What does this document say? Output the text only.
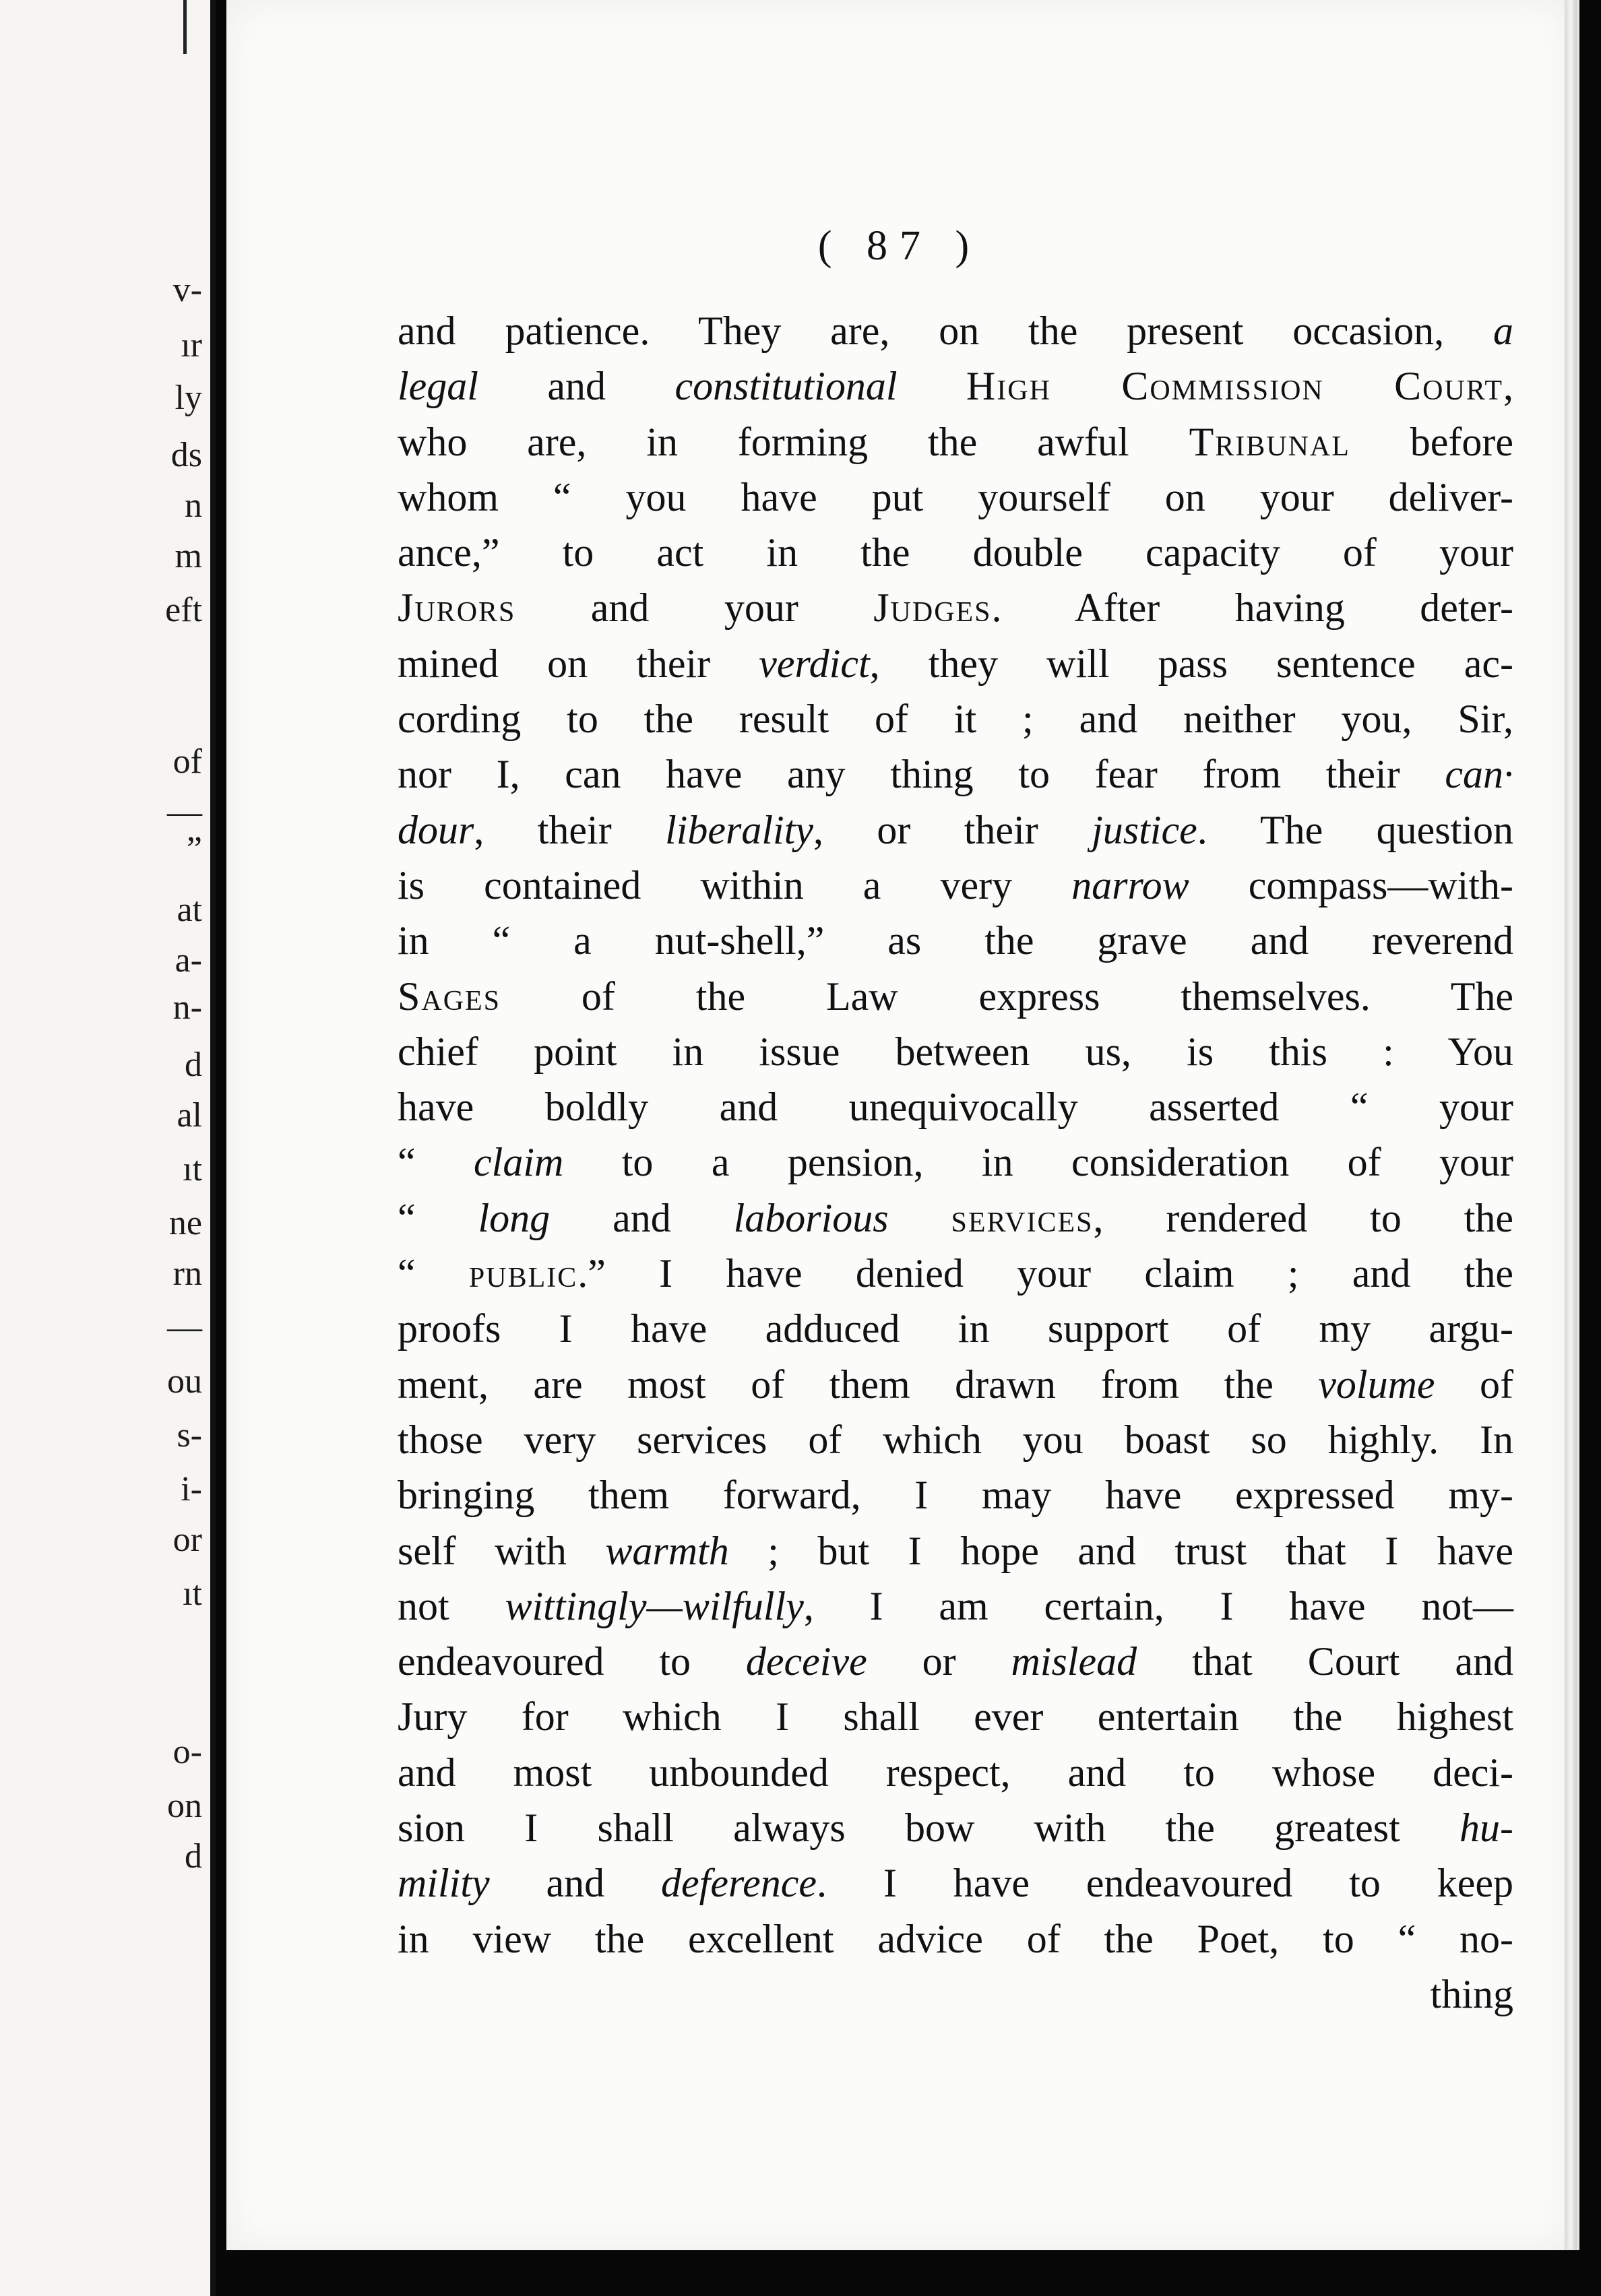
v-
ır
ly
ds
n
m
eft
of
—
”
at
a-
n-
d
al
ıt
ne
rn
—
ou
s-
i-
or
ıt
o-
on
d
( 87 )
and patience. They are, on the present occasion, a
legal and constitutional High Commission Court,
who are, in forming the awful Tribunal before
whom “ you have put yourself on your deliver-
ance,” to act in the double capacity of your
Jurors and your Judges. After having deter-
mined on their verdict, they will pass sentence ac-
cording to the result of it ; and neither you, Sir,
nor I, can have any thing to fear from their can·
dour, their liberality, or their justice. The question
is contained within a very narrow compass—with-
in “ a nut-shell,” as the grave and reverend
Sages of the Law express themselves. The
chief point in issue between us, is this : You
have boldly and unequivocally asserted “ your
“ claim to a pension, in consideration of your
“ long and laborious services, rendered to the
“ public.” I have denied your claim ; and the
proofs I have adduced in support of my argu-
ment, are most of them drawn from the volume of
those very services of which you boast so highly. In
bringing them forward, I may have expressed my-
self with warmth ; but I hope and trust that I have
not wittingly—wilfully, I am certain, I have not—
endeavoured to deceive or mislead that Court and
Jury for which I shall ever entertain the highest
and most unbounded respect, and to whose deci-
sion I shall always bow with the greatest hu-
mility and deference. I have endeavoured to keep
in view the excellent advice of the Poet, to “ no-
thing
